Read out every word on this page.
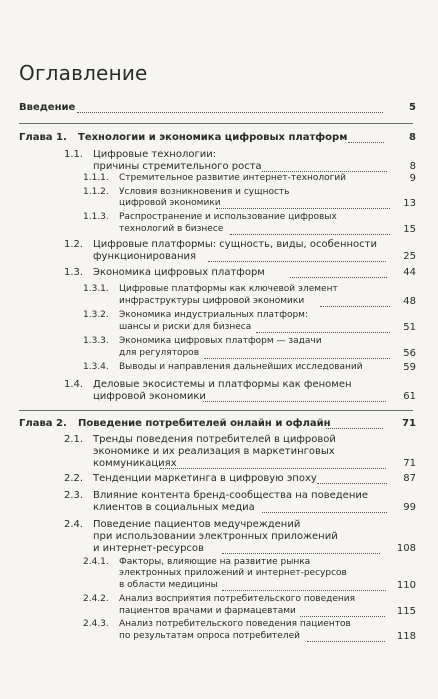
Оглавление
Введение	5
Глава 1. Технологии и экономика цифровых платформ	8
1.1. Цифровые технологии:
причины стремительного роста	8
1.1.1. Стремительное развитие интернет-технологий	9
1.1.2. Условия возникновения и сущность
цифровой экономики	13
1.1.3. Распространение и использование цифровых
технологий в бизнесе	15
1.2. Цифровые платформы: сущность, виды, особенности
функционирования	25
1.3. Экономика цифровых платформ	44
1.3.1. Цифровые платформы как ключевой элемент
инфраструктуры цифровой экономики	48
1.3.2. Экономика индустриальных платформ:
шансы и риски для бизнеса	51
1.3.3. Экономика цифровых платформ — задачи
для регуляторов	56
1.3.4. Выводы и направления дальнейших исследований	59
1.4. Деловые экосистемы и платформы как феномен
цифровой экономики	61
Глава 2. Поведение потребителей онлайн и офлайн	71
2.1. Тренды поведения потребителей в цифровой
экономике и их реализация в маркетинговых
коммуникациях	71
2.2. Тенденции маркетинга в цифровую эпоху	87
2.3. Влияние контента бренд-сообщества на поведение
клиентов в социальных медиа	99
2.4. Поведение пациентов медучреждений
при использовании электронных приложений
и интернет-ресурсов	108
2.4.1. Факторы, влияющие на развитие рынка
электронных приложений и интернет-ресурсов
в области медицины	110
2.4.2. Анализ восприятия потребительского поведения
пациентов врачами и фармацевтами	115
2.4.3. Анализ потребительского поведения пациентов
по результатам опроса потребителей	118
